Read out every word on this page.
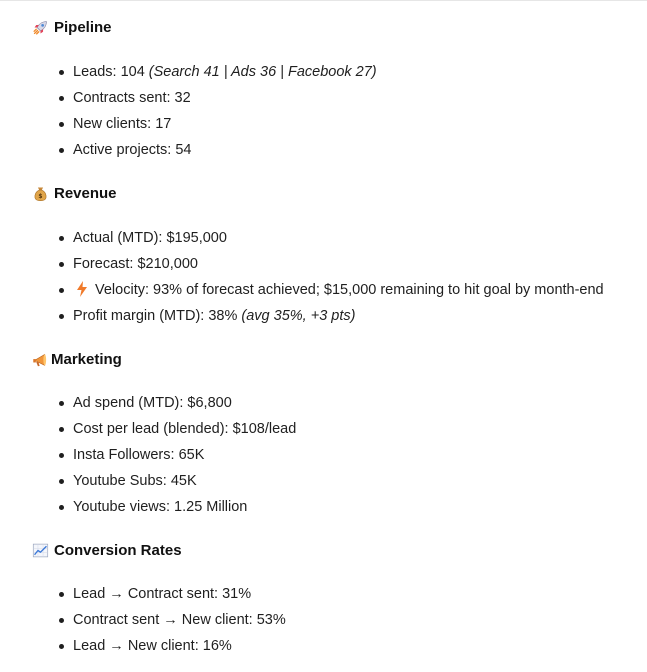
Pipeline
Leads: 104 (Search 41 | Ads 36 | Facebook 27)
Contracts sent: 32
New clients: 17
Active projects: 54
$ Revenue
Actual (MTD): $195,000
Forecast: $210,000
Velocity: 93% of forecast achieved; $15,000 remaining to hit goal by month-end
Profit margin (MTD): 38% (avg 35%, +3 pts)
Marketing
Ad spend (MTD): $6,800
Cost per lead (blended): $108/lead
Insta Followers: 65K
Youtube Subs: 45K
Youtube views: 1.25 Million
Conversion Rates
Lead → Contract sent: 31%
Contract sent → New client: 53%
Lead → New client: 16%
